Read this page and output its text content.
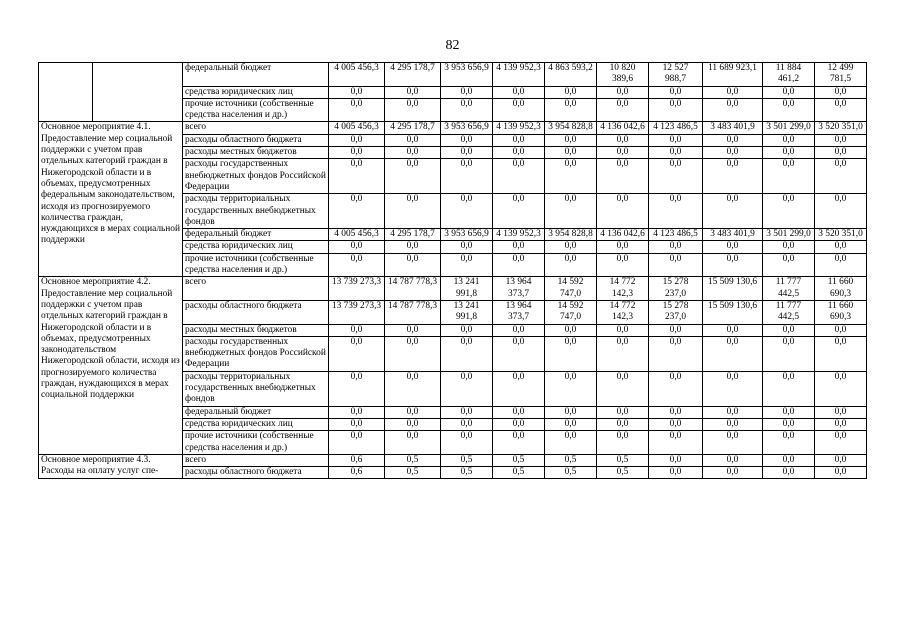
82
		федеральный бюджет	4 005 456,3	4 295 178,7	3 953 656,9	4 139 952,3	4 863 593,2	10 820 389,6	12 527 988,7	11 689 923,1	11 884 461,2	12 499 781,5
		средства юридических лиц	0,0	0,0	0,0	0,0	0,0	0,0	0,0	0,0	0,0	0,0
		прочие источники (собственные средства населения и др.)	0,0	0,0	0,0	0,0	0,0	0,0	0,0	0,0	0,0	0,0
Основное мероприятие 4.1. Предоставление мер социальной поддержки с учетом прав отдельных категорий граждан в Нижегородской области и в объемах, предусмотренных федеральным законодательством, исходя из прогнозируемого количества граждан, нуждающихся в мерах социальной поддержки		всего	4 005 456,3	4 295 178,7	3 953 656,9	4 139 952,3	3 954 828,8	4 136 042,6	4 123 486,5	3 483 401,9	3 501 299,0	3 520 351,0
		расходы областного бюджета	0,0	0,0	0,0	0,0	0,0	0,0	0,0	0,0	0,0	0,0
		расходы местных бюджетов	0,0	0,0	0,0	0,0	0,0	0,0	0,0	0,0	0,0	0,0
		расходы государственных внебюджетных фондов Российской Федерации	0,0	0,0	0,0	0,0	0,0	0,0	0,0	0,0	0,0	0,0
		расходы территориальных государственных внебюджетных фондов	0,0	0,0	0,0	0,0	0,0	0,0	0,0	0,0	0,0	0,0
		федеральный бюджет	4 005 456,3	4 295 178,7	3 953 656,9	4 139 952,3	3 954 828,8	4 136 042,6	4 123 486,5	3 483 401,9	3 501 299,0	3 520 351,0
		средства юридических лиц	0,0	0,0	0,0	0,0	0,0	0,0	0,0	0,0	0,0	0,0
		прочие источники (собственные средства населения и др.)	0,0	0,0	0,0	0,0	0,0	0,0	0,0	0,0	0,0	0,0
Основное мероприятие 4.2. Предоставление мер социальной поддержки с учетом прав отдельных категорий граждан в Нижегородской области и в объемах, предусмотренных законодательством Нижегородской области, исходя из прогнозируемого количества граждан, нуждающихся в мерах социальной поддержки		всего	13 739 273,3	14 787 778,3	13 241 991,8	13 964 373,7	14 592 747,0	14 772 142,3	15 278 237,0	15 509 130,6	11 777 442,5	11 660 690,3
		расходы областного бюджета	13 739 273,3	14 787 778,3	13 241 991,8	13 964 373,7	14 592 747,0	14 772 142,3	15 278 237,0	15 509 130,6	11 777 442,5	11 660 690,3
		расходы местных бюджетов	0,0	0,0	0,0	0,0	0,0	0,0	0,0	0,0	0,0	0,0
		расходы государственных внебюджетных фондов Российской Федерации	0,0	0,0	0,0	0,0	0,0	0,0	0,0	0,0	0,0	0,0
		расходы территориальных государственных внебюджетных фондов	0,0	0,0	0,0	0,0	0,0	0,0	0,0	0,0	0,0	0,0
		федеральный бюджет	0,0	0,0	0,0	0,0	0,0	0,0	0,0	0,0	0,0	0,0
		средства юридических лиц	0,0	0,0	0,0	0,0	0,0	0,0	0,0	0,0	0,0	0,0
		прочие источники (собственные средства населения и др.)	0,0	0,0	0,0	0,0	0,0	0,0	0,0	0,0	0,0	0,0
Основное мероприятие 4.3. Расходы на оплату услуг спе-		всего	0,6	0,5	0,5	0,5	0,5	0,5	0,0	0,0	0,0	0,0
		расходы областного бюджета	0,6	0,5	0,5	0,5	0,5	0,5	0,0	0,0	0,0	0,0
